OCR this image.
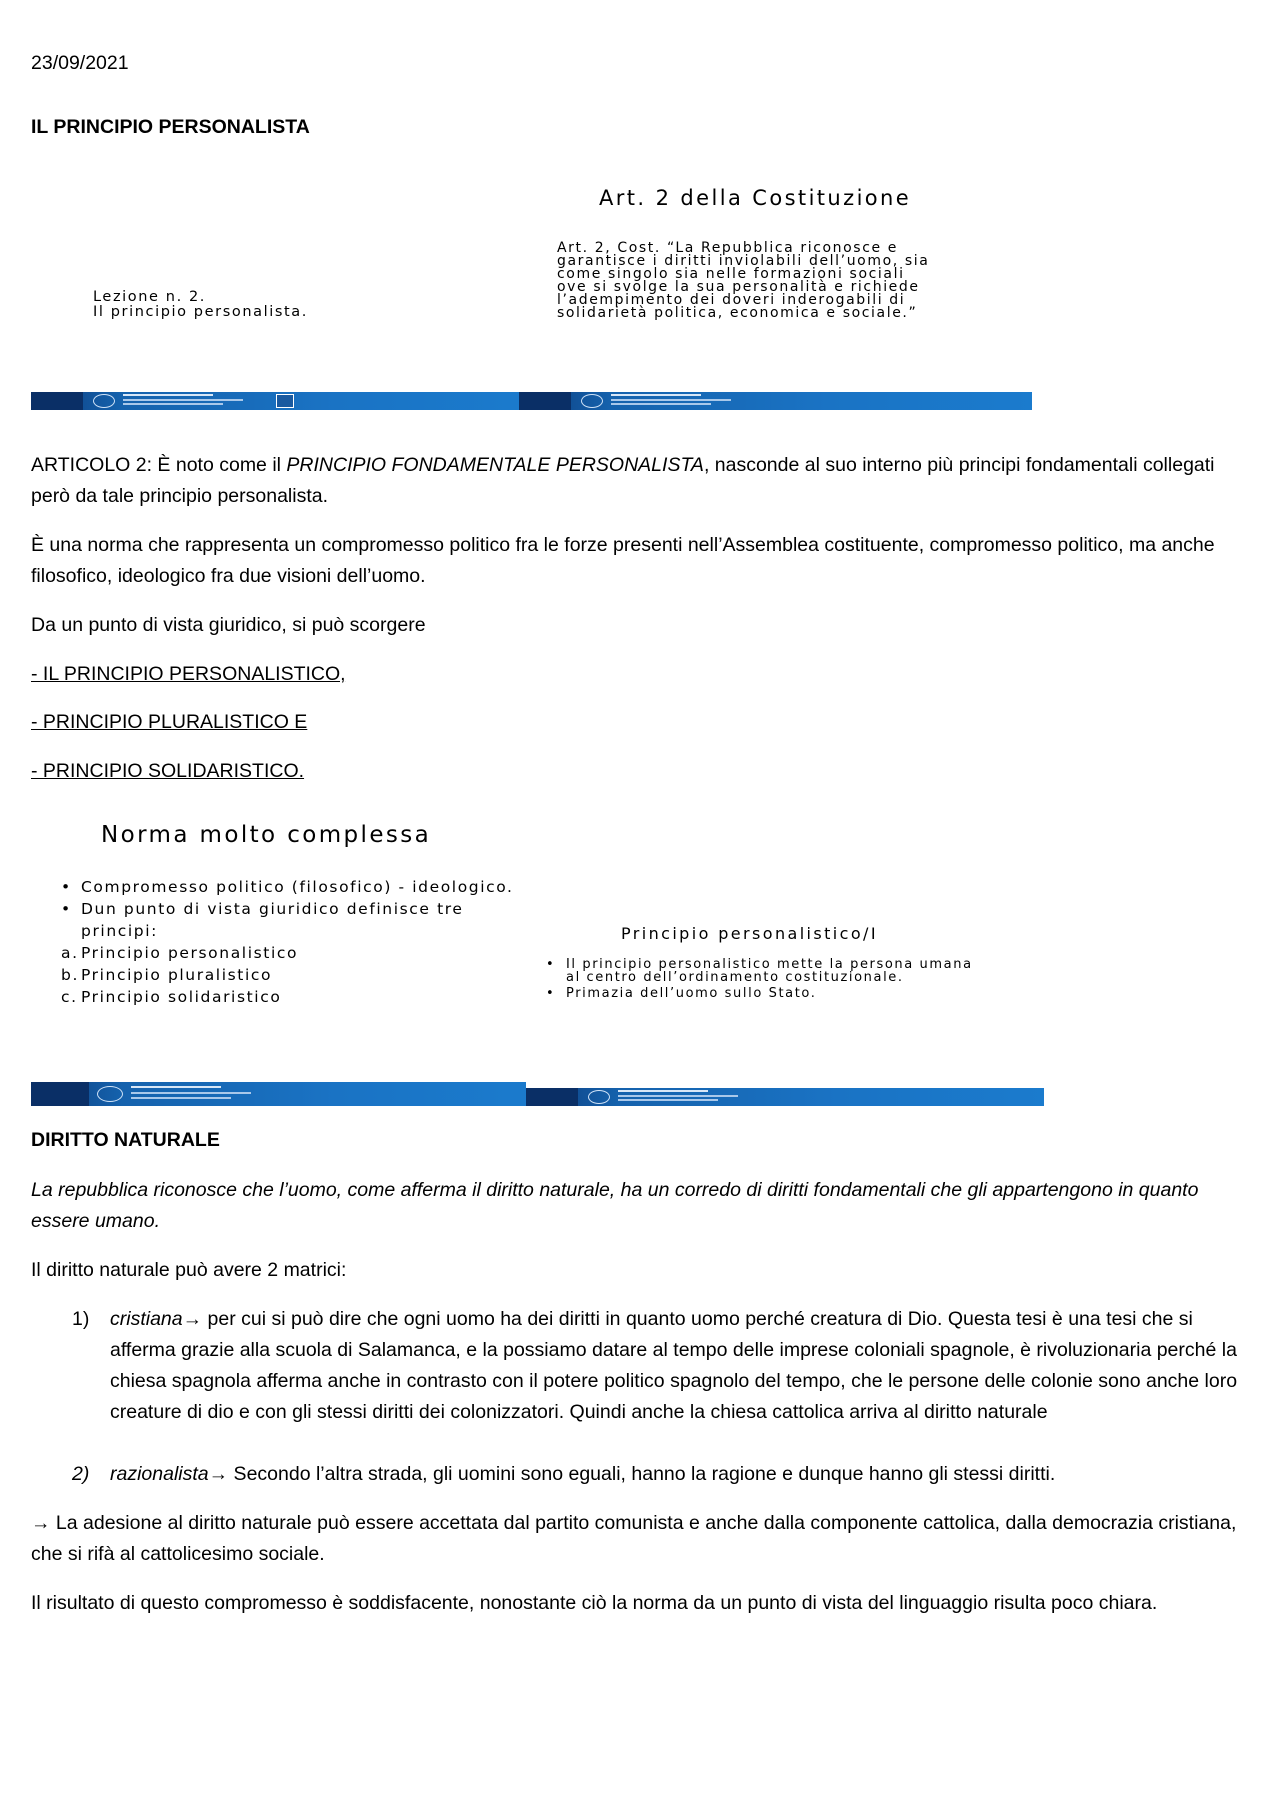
23/09/2021
IL PRINCIPIO PERSONALISTA
Lezione n. 2.
Il principio personalista.
Art. 2 della Costituzione
Art. 2, Cost. “La Repubblica riconosce e
garantisce i diritti inviolabili dell’uomo, sia
come singolo sia nelle formazioni sociali
ove si svolge la sua personalità e richiede
l’adempimento dei doveri inderogabili di
solidarietà politica, economica e sociale.”
ARTICOLO 2: È noto come il PRINCIPIO FONDAMENTALE PERSONALISTA, nasconde al suo interno più principi fondamentali collegati però da tale principio personalista.
È una norma che rappresenta un compromesso politico fra le forze presenti nell’Assemblea costituente, compromesso politico, ma anche filosofico, ideologico fra due visioni dell’uomo.
Da un punto di vista giuridico, si può scorgere
- IL PRINCIPIO PERSONALISTICO,
- PRINCIPIO PLURALISTICO E
- PRINCIPIO SOLIDARISTICO.
Norma molto complessa
• Compromesso politico (filosofico) - ideologico.
• Dun punto di vista giuridico definisce tre principi:
a. Principio personalistico
b. Principio pluralistico
c. Principio solidaristico
Principio personalistico/I
• Il principio personalistico mette la persona umana al centro dell’ordinamento costituzionale.
• Primazia dell’uomo sullo Stato.
DIRITTO NATURALE
La repubblica riconosce che l’uomo, come afferma il diritto naturale, ha un corredo di diritti fondamentali che gli appartengono in quanto essere umano.
Il diritto naturale può avere 2 matrici:
1) cristiana→ per cui si può dire che ogni uomo ha dei diritti in quanto uomo perché creatura di Dio. Questa tesi è una tesi che si afferma grazie alla scuola di Salamanca, e la possiamo datare al tempo delle imprese coloniali spagnole, è rivoluzionaria perché la chiesa spagnola afferma anche in contrasto con il potere politico spagnolo del tempo, che le persone delle colonie sono anche loro creature di dio e con gli stessi diritti dei colonizzatori. Quindi anche la chiesa cattolica arriva al diritto naturale
2) razionalista→ Secondo l’altra strada, gli uomini sono eguali, hanno la ragione e dunque hanno gli stessi diritti.
→ La adesione al diritto naturale può essere accettata dal partito comunista e anche dalla componente cattolica, dalla democrazia cristiana, che si rifà al cattolicesimo sociale.
Il risultato di questo compromesso è soddisfacente, nonostante ciò la norma da un punto di vista del linguaggio risulta poco chiara.
